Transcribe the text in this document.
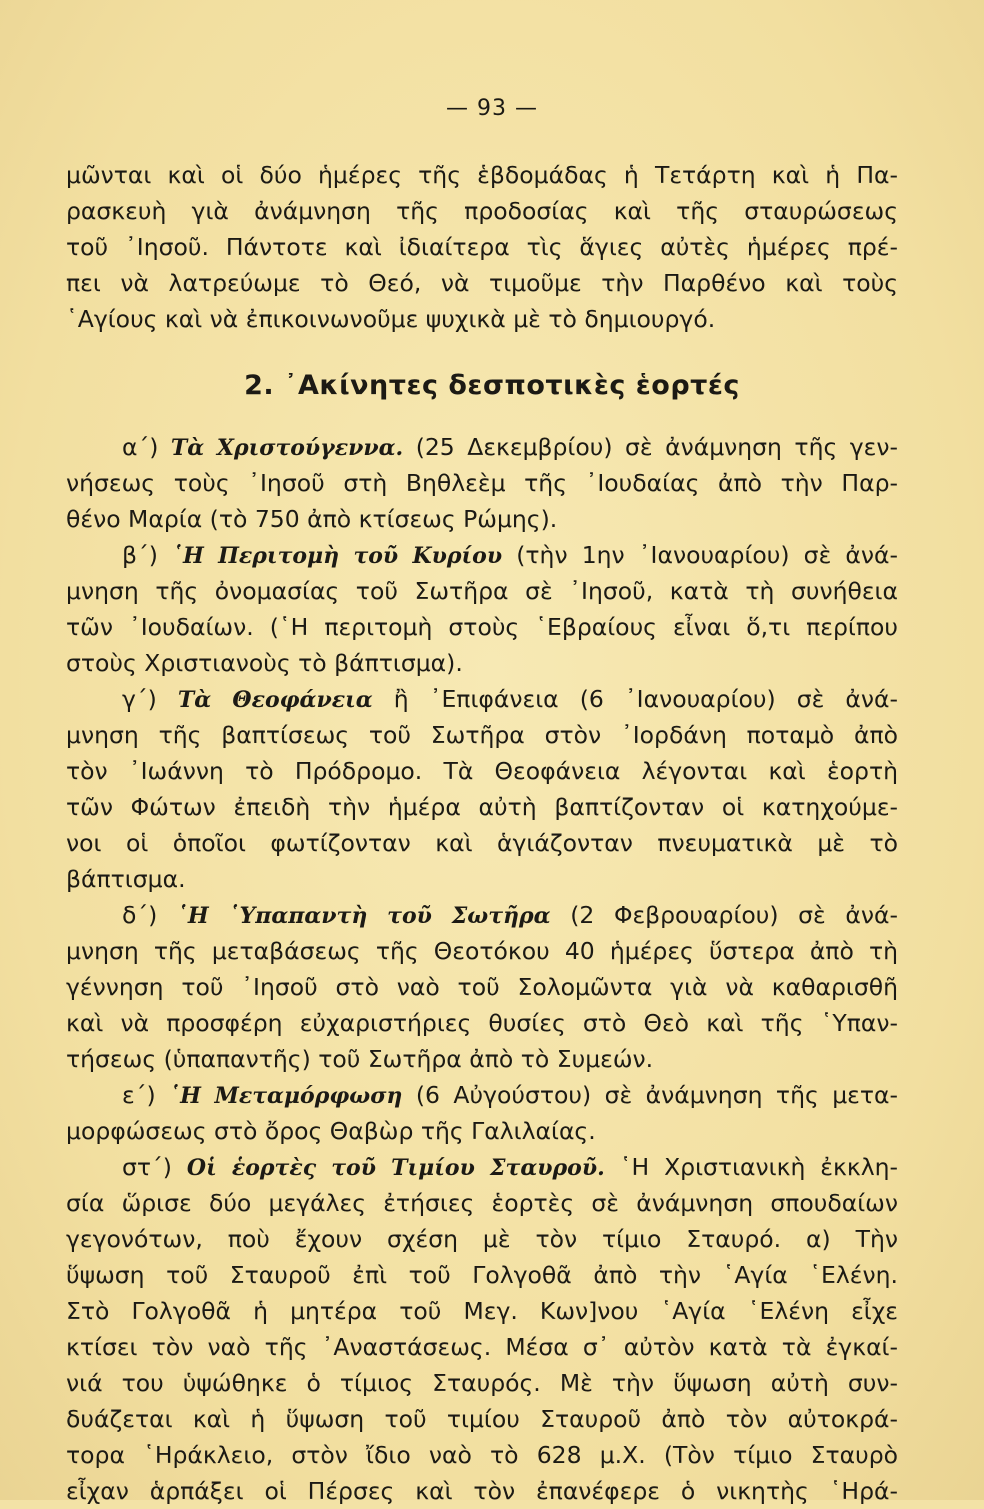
— 93 —
μῶνται καὶ οἱ δύο ἡμέρες τῆς ἑβδομάδας ἡ Τετάρτη καὶ ἡ Πα-
ρασκευὴ γιὰ ἀνάμνηση τῆς προδοσίας καὶ τῆς σταυρώσεως
τοῦ ᾽Ιησοῦ. Πάντοτε καὶ ἰδιαίτερα τὶς ἅγιες αὐτὲς ἡμέρες πρέ-
πει νὰ λατρεύωμε τὸ Θεό, νὰ τιμοῦμε τὴν Παρθένο καὶ τοὺς
῾Αγίους καὶ νὰ ἐπικοινωνοῦμε ψυχικὰ μὲ τὸ δημιουργό.
2. ᾽Ακίνητες δεσποτικὲς ἑορτές
α΄) Τὰ Χριστούγεννα. (25 Δεκεμβρίου) σὲ ἀνάμνηση τῆς γεν-
νήσεως τοὺς ᾽Ιησοῦ στὴ Βηθλεὲμ τῆς ᾽Ιουδαίας ἀπὸ τὴν Παρ-
θένο Μαρία (τὸ 750 ἀπὸ κτίσεως Ρώμης).
β΄) ῾Η Περιτομὴ τοῦ Κυρίου (τὴν 1ην ᾽Ιανουαρίου) σὲ ἀνά-
μνηση τῆς ὀνομασίας τοῦ Σωτῆρα σὲ ᾽Ιησοῦ, κατὰ τὴ συνήθεια
τῶν ᾽Ιουδαίων. (῾Η περιτομὴ στοὺς ῾Εβραίους εἶναι ὅ,τι περίπου
στοὺς Χριστιανοὺς τὸ βάπτισμα).
γ΄) Τὰ Θεοφάνεια ἢ ᾽Επιφάνεια (6 ᾽Ιανουαρίου) σὲ ἀνά-
μνηση τῆς βαπτίσεως τοῦ Σωτῆρα στὸν ᾽Ιορδάνη ποταμὸ ἀπὸ
τὸν ᾽Ιωάννη τὸ Πρόδρομο. Τὰ Θεοφάνεια λέγονται καὶ ἑορτὴ
τῶν Φώτων ἐπειδὴ τὴν ἡμέρα αὐτὴ βαπτίζονταν οἱ κατηχούμε-
νοι οἱ ὁποῖοι φωτίζονταν καὶ ἁγιάζονταν πνευματικὰ μὲ τὸ
βάπτισμα.
δ΄) ῾Η ῾Υπαπαντὴ τοῦ Σωτῆρα (2 Φεβρουαρίου) σὲ ἀνά-
μνηση τῆς μεταβάσεως τῆς Θεοτόκου 40 ἡμέρες ὕστερα ἀπὸ τὴ
γέννηση τοῦ ᾽Ιησοῦ στὸ ναὸ τοῦ Σολομῶντα γιὰ νὰ καθαρισθῆ
καὶ νὰ προσφέρη εὐχαριστήριες θυσίες στὸ Θεὸ καὶ τῆς ῾Υπαν-
τήσεως (ὑπαπαντῆς) τοῦ Σωτῆρα ἀπὸ τὸ Συμεών.
ε΄) ῾Η Μεταμόρφωση (6 Αὐγούστου) σὲ ἀνάμνηση τῆς μετα-
μορφώσεως στὸ ὄρος Θαβὼρ τῆς Γαλιλαίας.
στ΄) Οἱ ἑορτὲς τοῦ Τιμίου Σταυροῦ. ῾Η Χριστιανικὴ ἐκκλη-
σία ὥρισε δύο μεγάλες ἐτήσιες ἑορτὲς σὲ ἀνάμνηση σπουδαίων
γεγονότων, ποὺ ἔχουν σχέση μὲ τὸν τίμιο Σταυρό. α) Τὴν
ὕψωση τοῦ Σταυροῦ ἐπὶ τοῦ Γολγοθᾶ ἀπὸ τὴν ῾Αγία ῾Ελένη.
Στὸ Γολγοθᾶ ἡ μητέρα τοῦ Μεγ. Κων]νου ῾Αγία ῾Ελένη εἶχε
κτίσει τὸν ναὸ τῆς ᾽Αναστάσεως. Μέσα σ᾽ αὐτὸν κατὰ τὰ ἐγκαί-
νιά του ὑψώθηκε ὁ τίμιος Σταυρός. Μὲ τὴν ὕψωση αὐτὴ συν-
δυάζεται καὶ ἡ ὕψωση τοῦ τιμίου Σταυροῦ ἀπὸ τὸν αὐτοκρά-
τορα ῾Ηράκλειο, στὸν ἴδιο ναὸ τὸ 628 μ.Χ. (Τὸν τίμιο Σταυρὸ
εἶχαν ἁρπάξει οἱ Πέρσες καὶ τὸν ἐπανέφερε ὁ νικητὴς ῾Ηρά-
